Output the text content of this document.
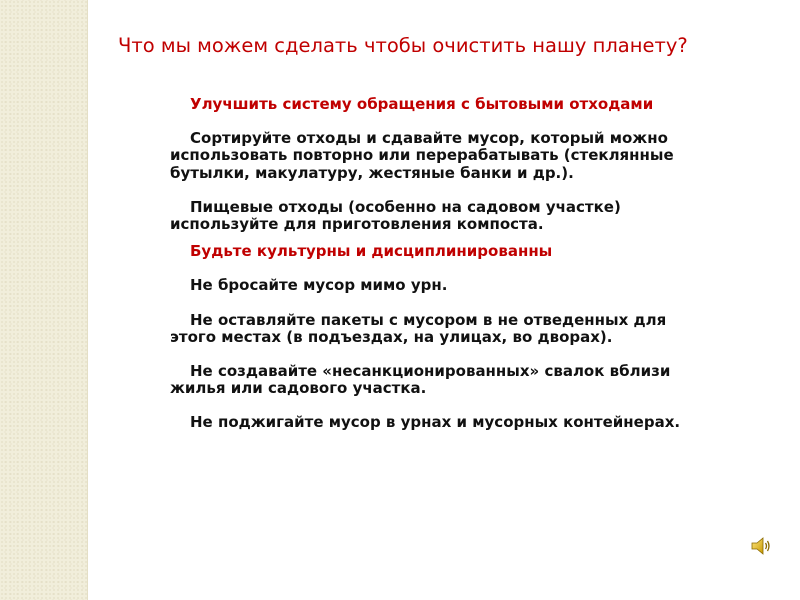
Что мы можем сделать чтобы очистить нашу планету?

Улучшить систему обращения с бытовыми отходами

Сортируйте отходы и сдавайте мусор, который можно использовать повторно или перерабатывать (стеклянные бутылки, макулатуру, жестяные банки и др.).

Пищевые отходы (особенно на садовом участке) используйте для приготовления компоста.

Будьте культурны и дисциплинированны

Не бросайте мусор мимо урн.

Не оставляйте пакеты с мусором в не отведенных для этого местах (в подъездах, на улицах, во дворах).

Не создавайте «несанкционированных» свалок вблизи жилья или садового участка.

Не поджигайте мусор в урнах и мусорных контейнерах.
